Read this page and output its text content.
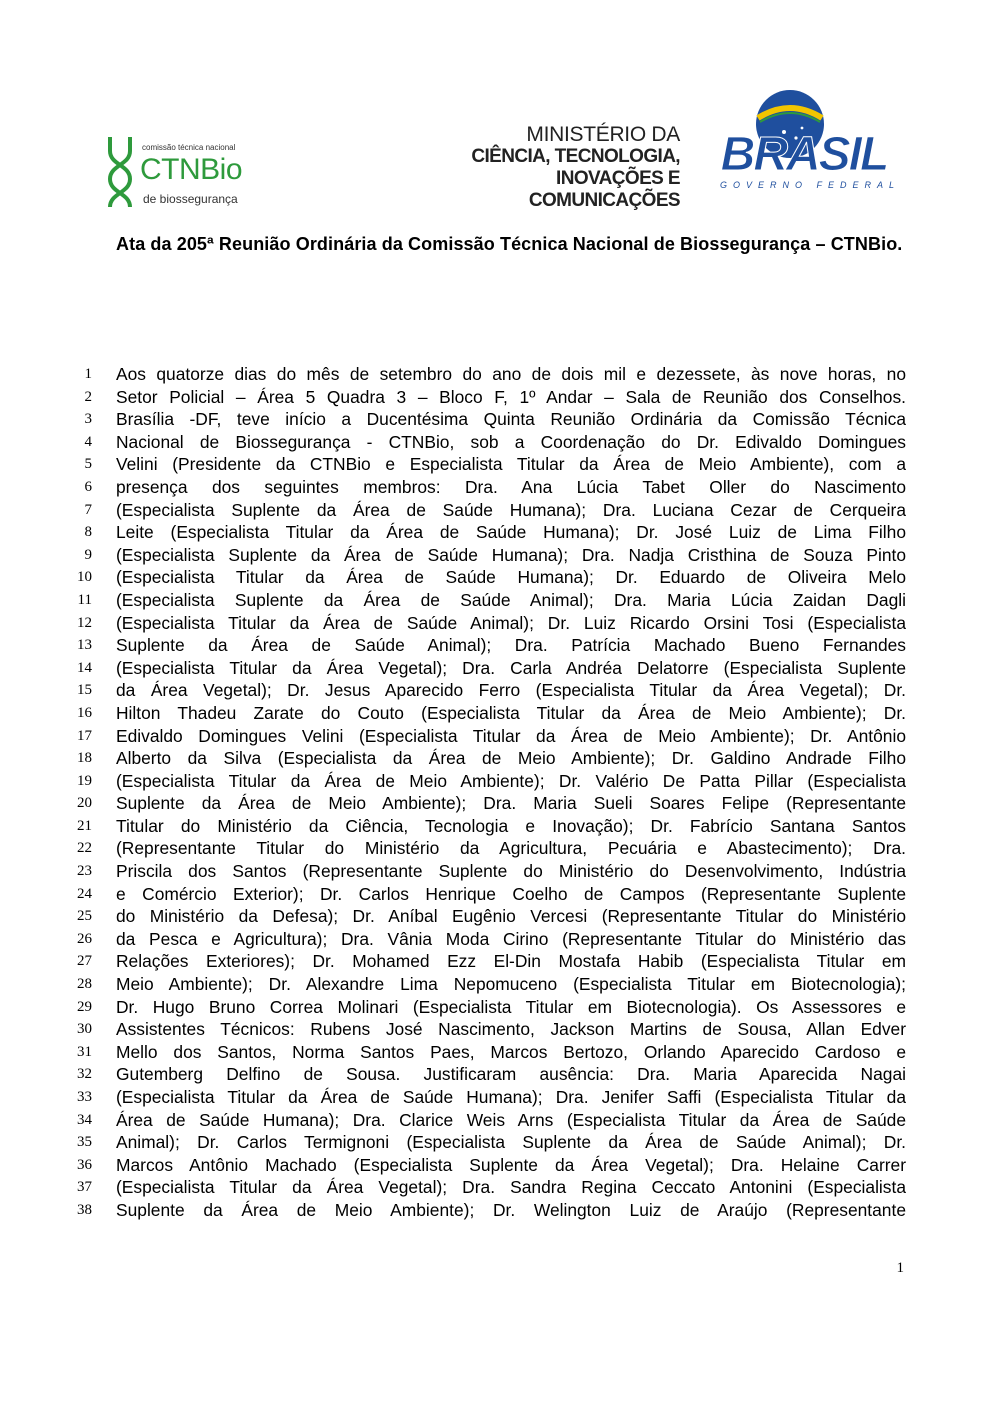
comissão técnica nacional
CTNBio
de biossegurança
MINISTÉRIO DA
CIÊNCIA, TECNOLOGIA,
INOVAÇÕES E COMUNICAÇÕES
BRASIL
GOVERNO FEDERAL
Ata da 205ª Reunião Ordinária da Comissão Técnica Nacional de Biossegurança – CTNBio.
1
2
3
4
5
6
7
8
9
10
11
12
13
14
15
16
17
18
19
20
21
22
23
24
25
26
27
28
29
30
31
32
33
34
35
36
37
38
Aos quatorze dias do mês de setembro do ano de dois mil e dezessete, às nove horas, no
Setor Policial – Área 5 Quadra 3 – Bloco F, 1º Andar – Sala de Reunião dos Conselhos.
Brasília -DF, teve início a Ducentésima Quinta Reunião Ordinária da Comissão Técnica
Nacional de Biossegurança - CTNBio, sob a Coordenação do Dr. Edivaldo Domingues
Velini (Presidente da CTNBio e Especialista Titular da Área de Meio Ambiente), com a
presença dos seguintes membros: Dra. Ana Lúcia Tabet Oller do Nascimento
(Especialista Suplente da Área de Saúde Humana); Dra. Luciana Cezar de Cerqueira
Leite (Especialista Titular da Área de Saúde Humana); Dr. José Luiz de Lima Filho
(Especialista Suplente da Área de Saúde Humana); Dra. Nadja Cristhina de Souza Pinto
(Especialista Titular da Área de Saúde Humana); Dr. Eduardo de Oliveira Melo
(Especialista Suplente da Área de Saúde Animal); Dra. Maria Lúcia Zaidan Dagli
(Especialista Titular da Área de Saúde Animal); Dr. Luiz Ricardo Orsini Tosi (Especialista
Suplente da Área de Saúde Animal); Dra. Patrícia Machado Bueno Fernandes
(Especialista Titular da Área Vegetal); Dra. Carla Andréa Delatorre (Especialista Suplente
da Área Vegetal); Dr. Jesus Aparecido Ferro (Especialista Titular da Área Vegetal); Dr.
Hilton Thadeu Zarate do Couto (Especialista Titular da Área de Meio Ambiente); Dr.
Edivaldo Domingues Velini (Especialista Titular da Área de Meio Ambiente); Dr. Antônio
Alberto da Silva (Especialista da Área de Meio Ambiente); Dr. Galdino Andrade Filho
(Especialista Titular da Área de Meio Ambiente); Dr. Valério De Patta Pillar (Especialista
Suplente da Área de Meio Ambiente); Dra. Maria Sueli Soares Felipe (Representante
Titular do Ministério da Ciência, Tecnologia e Inovação); Dr. Fabrício Santana Santos
(Representante Titular do Ministério da Agricultura, Pecuária e Abastecimento); Dra.
Priscila dos Santos (Representante Suplente do Ministério do Desenvolvimento, Indústria
e Comércio Exterior); Dr. Carlos Henrique Coelho de Campos (Representante Suplente
do Ministério da Defesa); Dr. Aníbal Eugênio Vercesi (Representante Titular do Ministério
da Pesca e Agricultura); Dra. Vânia Moda Cirino (Representante Titular do Ministério das
Relações Exteriores); Dr. Mohamed Ezz El-Din Mostafa Habib (Especialista Titular em
Meio Ambiente); Dr. Alexandre Lima Nepomuceno (Especialista Titular em Biotecnologia);
Dr. Hugo Bruno Correa Molinari (Especialista Titular em Biotecnologia). Os Assessores e
Assistentes Técnicos: Rubens José Nascimento, Jackson Martins de Sousa, Allan Edver
Mello dos Santos, Norma Santos Paes, Marcos Bertozo, Orlando Aparecido Cardoso e
Gutemberg Delfino de Sousa. Justificaram ausência: Dra. Maria Aparecida Nagai
(Especialista Titular da Área de Saúde Humana); Dra. Jenifer Saffi (Especialista Titular da
Área de Saúde Humana); Dra. Clarice Weis Arns (Especialista Titular da Área de Saúde
Animal); Dr. Carlos Termignoni (Especialista Suplente da Área de Saúde Animal); Dr.
Marcos Antônio Machado (Especialista Suplente da Área Vegetal); Dra. Helaine Carrer
(Especialista Titular da Área Vegetal); Dra. Sandra Regina Ceccato Antonini (Especialista
Suplente da Área de Meio Ambiente); Dr. Welington Luiz de Araújo (Representante
1
